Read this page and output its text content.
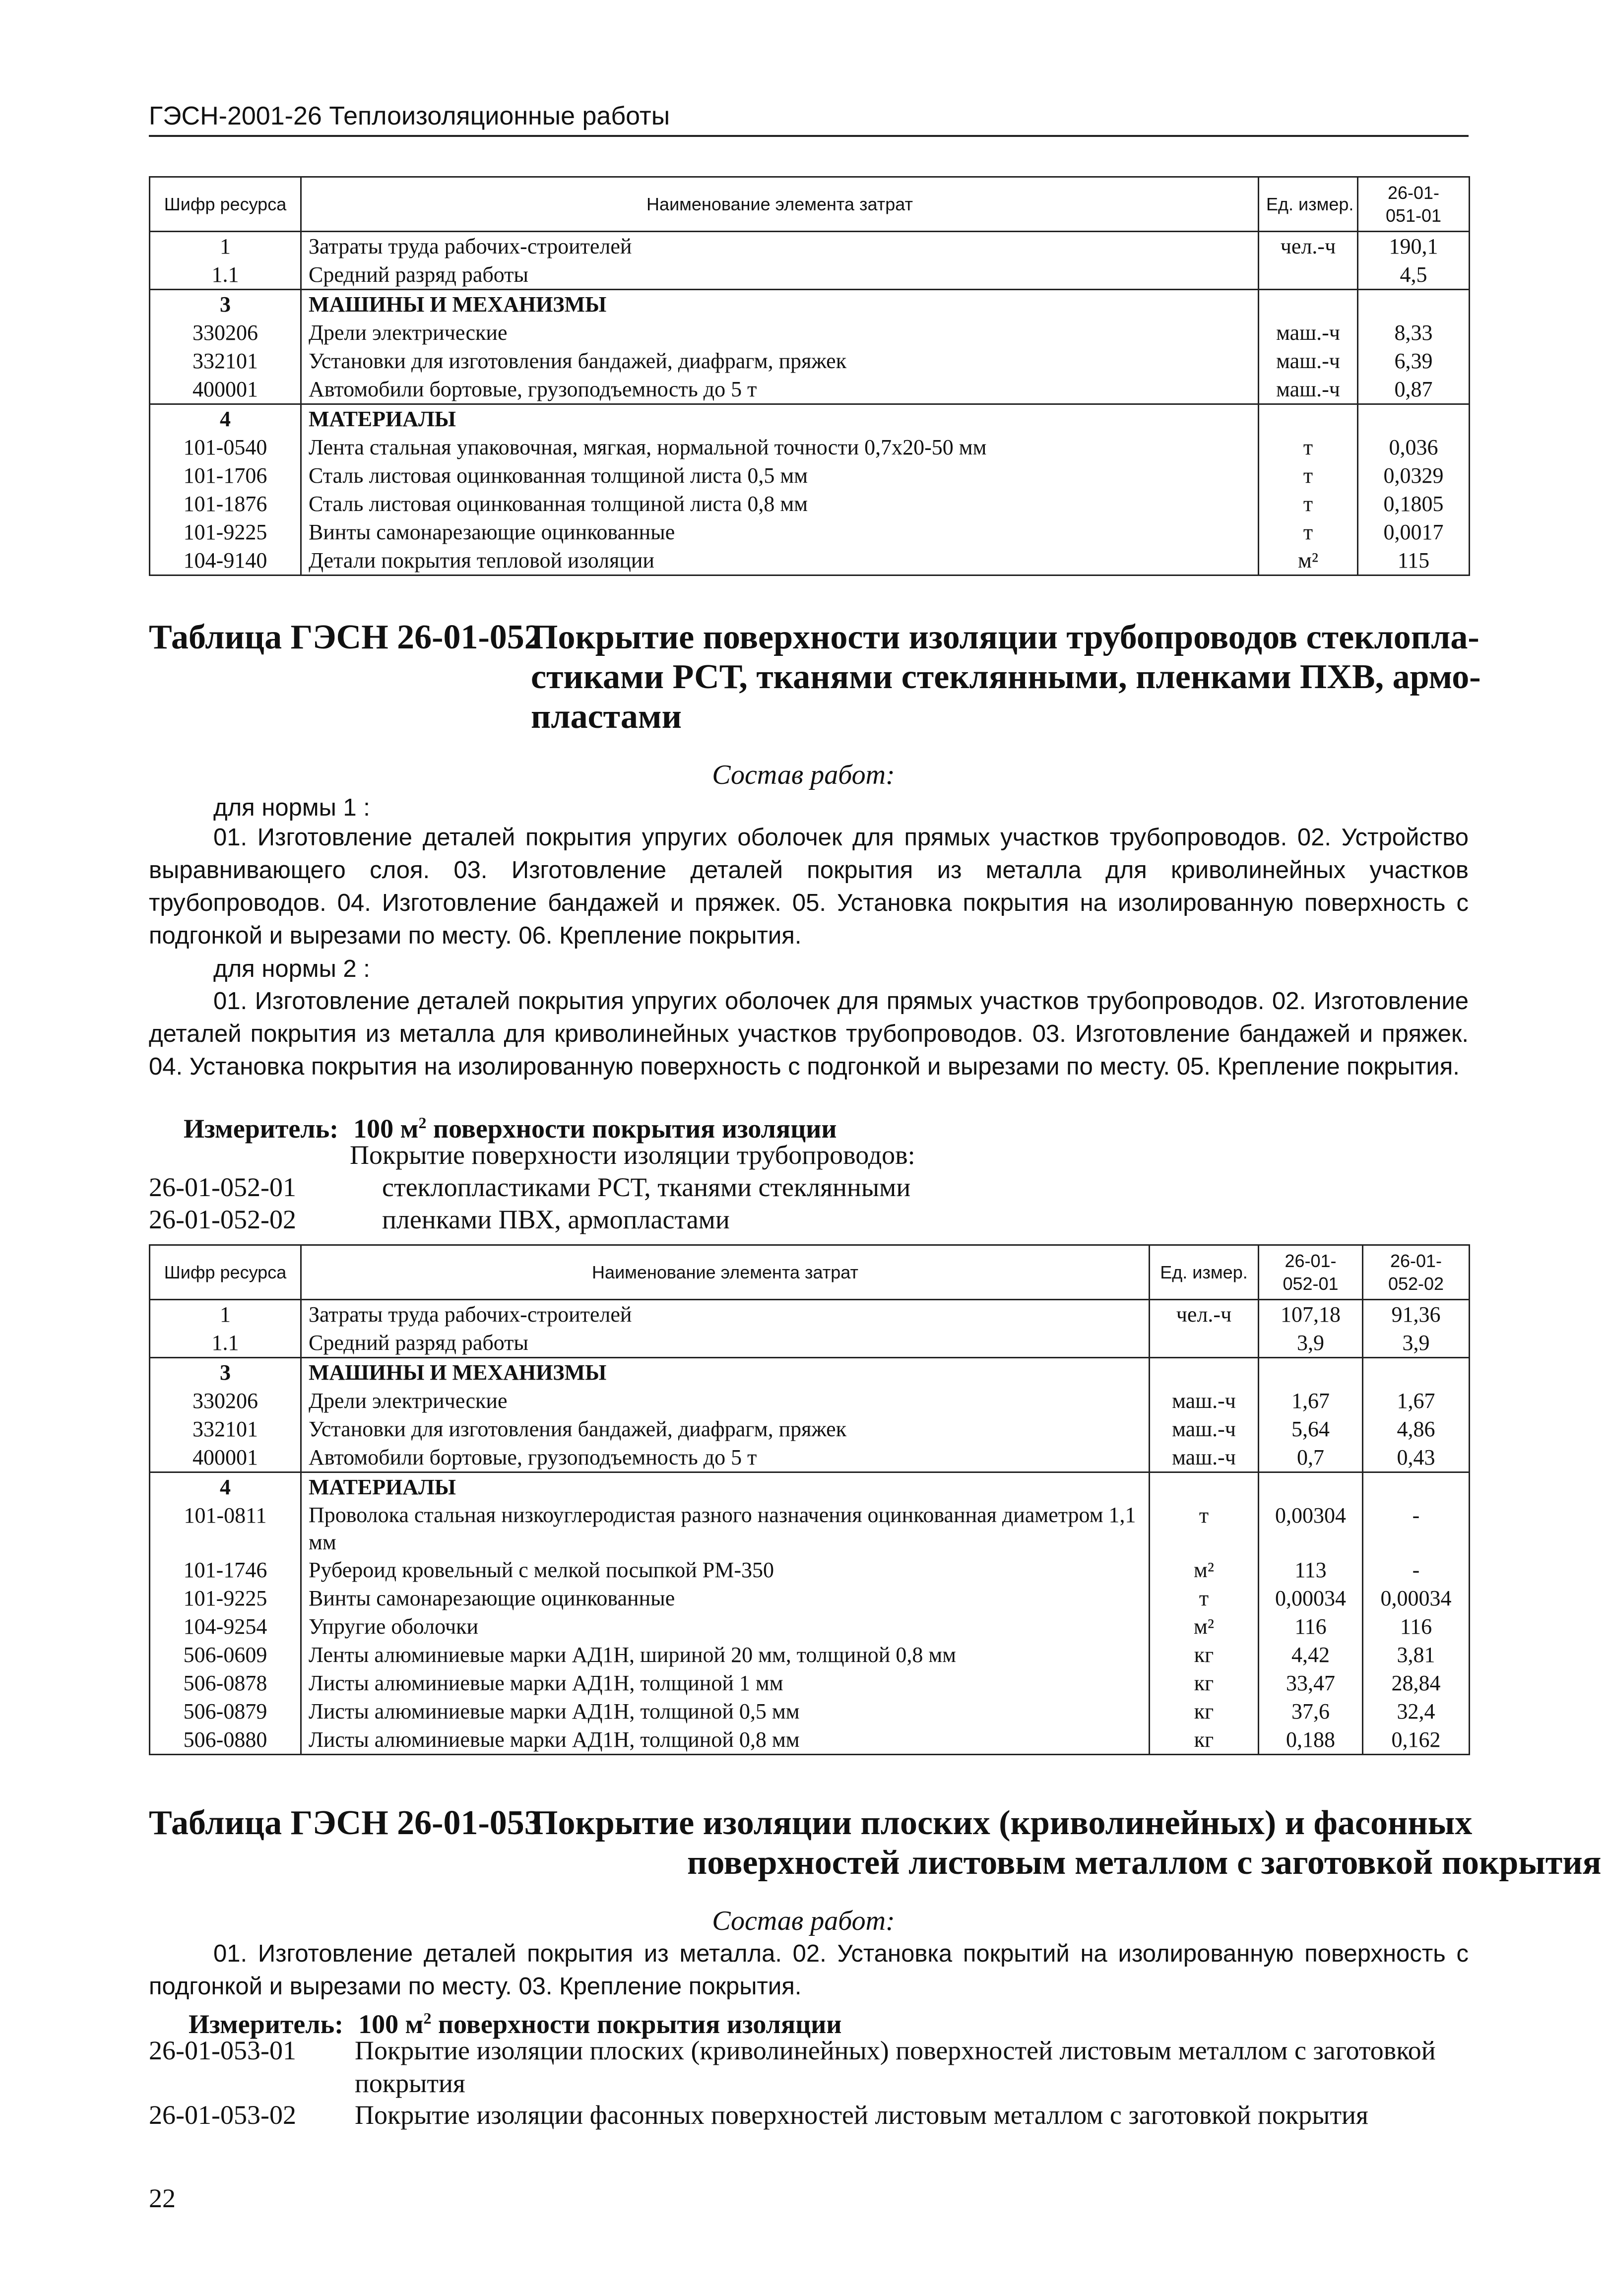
ГЭСН-2001-26 Теплоизоляционные работы
Шифр ресурса	Наименование элемента затрат	Ед. измер.	26-01-
051-01
1	Затраты труда рабочих-строителей	чел.-ч	190,1
1.1	Средний разряд работы		4,5
3	МАШИНЫ И МЕХАНИЗМЫ		
330206	Дрели электрические	маш.-ч	8,33
332101	Установки для изготовления бандажей, диафрагм, пряжек	маш.-ч	6,39
400001	Автомобили бортовые, грузоподъемность до 5 т	маш.-ч	0,87
4	МАТЕРИАЛЫ		
101-0540	Лента стальная упаковочная, мягкая, нормальной точности 0,7х20-50 мм	т	0,036
101-1706	Сталь листовая оцинкованная толщиной листа 0,5 мм	т	0,0329
101-1876	Сталь листовая оцинкованная толщиной листа 0,8 мм	т	0,1805
101-9225	Винты самонарезающие оцинкованные	т	0,0017
104-9140	Детали покрытия тепловой изоляции	м²	115
Таблица ГЭСН 26-01-052
Покрытие поверхности изоляции трубопроводов стеклопла-
стиками РСТ, тканями стеклянными, пленками ПХВ, армо-
пластами
Состав работ:
для нормы 1 :
01. Изготовление деталей покрытия упругих оболочек для прямых участков трубопроводов. 02. Устройство выравнивающего слоя. 03. Изготовление деталей покрытия из металла для криволинейных участков трубопроводов. 04. Изготовление бандажей и пряжек. 05. Установка покрытия на изолированную поверхность с подгонкой и вырезами по месту. 06. Крепление покрытия.
для нормы 2 :
01. Изготовление деталей покрытия упругих оболочек для прямых участков трубопроводов. 02. Изготовление деталей покрытия из металла для криволинейных участков трубопроводов. 03. Изготовление бандажей и пряжек. 04. Установка покрытия на изолированную поверхность с подгонкой и вырезами по месту. 05. Крепление покрытия.
Измеритель: 100 $м^2$ поверхности покрытия изоляции
Покрытие поверхности изоляции трубопроводов:
26-01-052-01	стеклопластиками РСТ, тканями стеклянными
26-01-052-02	пленками ПВХ, армопластами
Шифр ресурса	Наименование элемента затрат	Ед. измер.	26-01-
052-01	26-01-
052-02
1	Затраты труда рабочих-строителей	чел.-ч	107,18	91,36
1.1	Средний разряд работы		3,9	3,9
3	МАШИНЫ И МЕХАНИЗМЫ			
330206	Дрели электрические	маш.-ч	1,67	1,67
332101	Установки для изготовления бандажей, диафрагм, пряжек	маш.-ч	5,64	4,86
400001	Автомобили бортовые, грузоподъемность до 5 т	маш.-ч	0,7	0,43
4	МАТЕРИАЛЫ			
101-0811	Проволока стальная низкоуглеродистая разного назначения оцинкованная диаметром 1,1 мм	т	0,00304	-
101-1746	Рубероид кровельный с мелкой посыпкой РМ-350	м²	113	-
101-9225	Винты самонарезающие оцинкованные	т	0,00034	0,00034
104-9254	Упругие оболочки	м²	116	116
506-0609	Ленты алюминиевые марки АД1Н, шириной 20 мм, толщиной 0,8 мм	кг	4,42	3,81
506-0878	Листы алюминиевые марки АД1Н, толщиной 1 мм	кг	33,47	28,84
506-0879	Листы алюминиевые марки АД1Н, толщиной 0,5 мм	кг	37,6	32,4
506-0880	Листы алюминиевые марки АД1Н, толщиной 0,8 мм	кг	0,188	0,162
Таблица ГЭСН 26-01-053
Покрытие изоляции плоских (криволинейных) и фасонных
поверхностей листовым металлом с заготовкой покрытия
Состав работ:
01. Изготовление деталей покрытия из металла. 02. Установка покрытий на изолированную поверхность с подгонкой и вырезами по месту. 03. Крепление покрытия.
Измеритель: 100 $м^2$ поверхности покрытия изоляции
26-01-053-01 Покрытие изоляции плоских (криволинейных) поверхностей листовым металлом с заготовкой покрытия
26-01-053-02 Покрытие изоляции фасонных поверхностей листовым металлом с заготовкой покрытия
22
